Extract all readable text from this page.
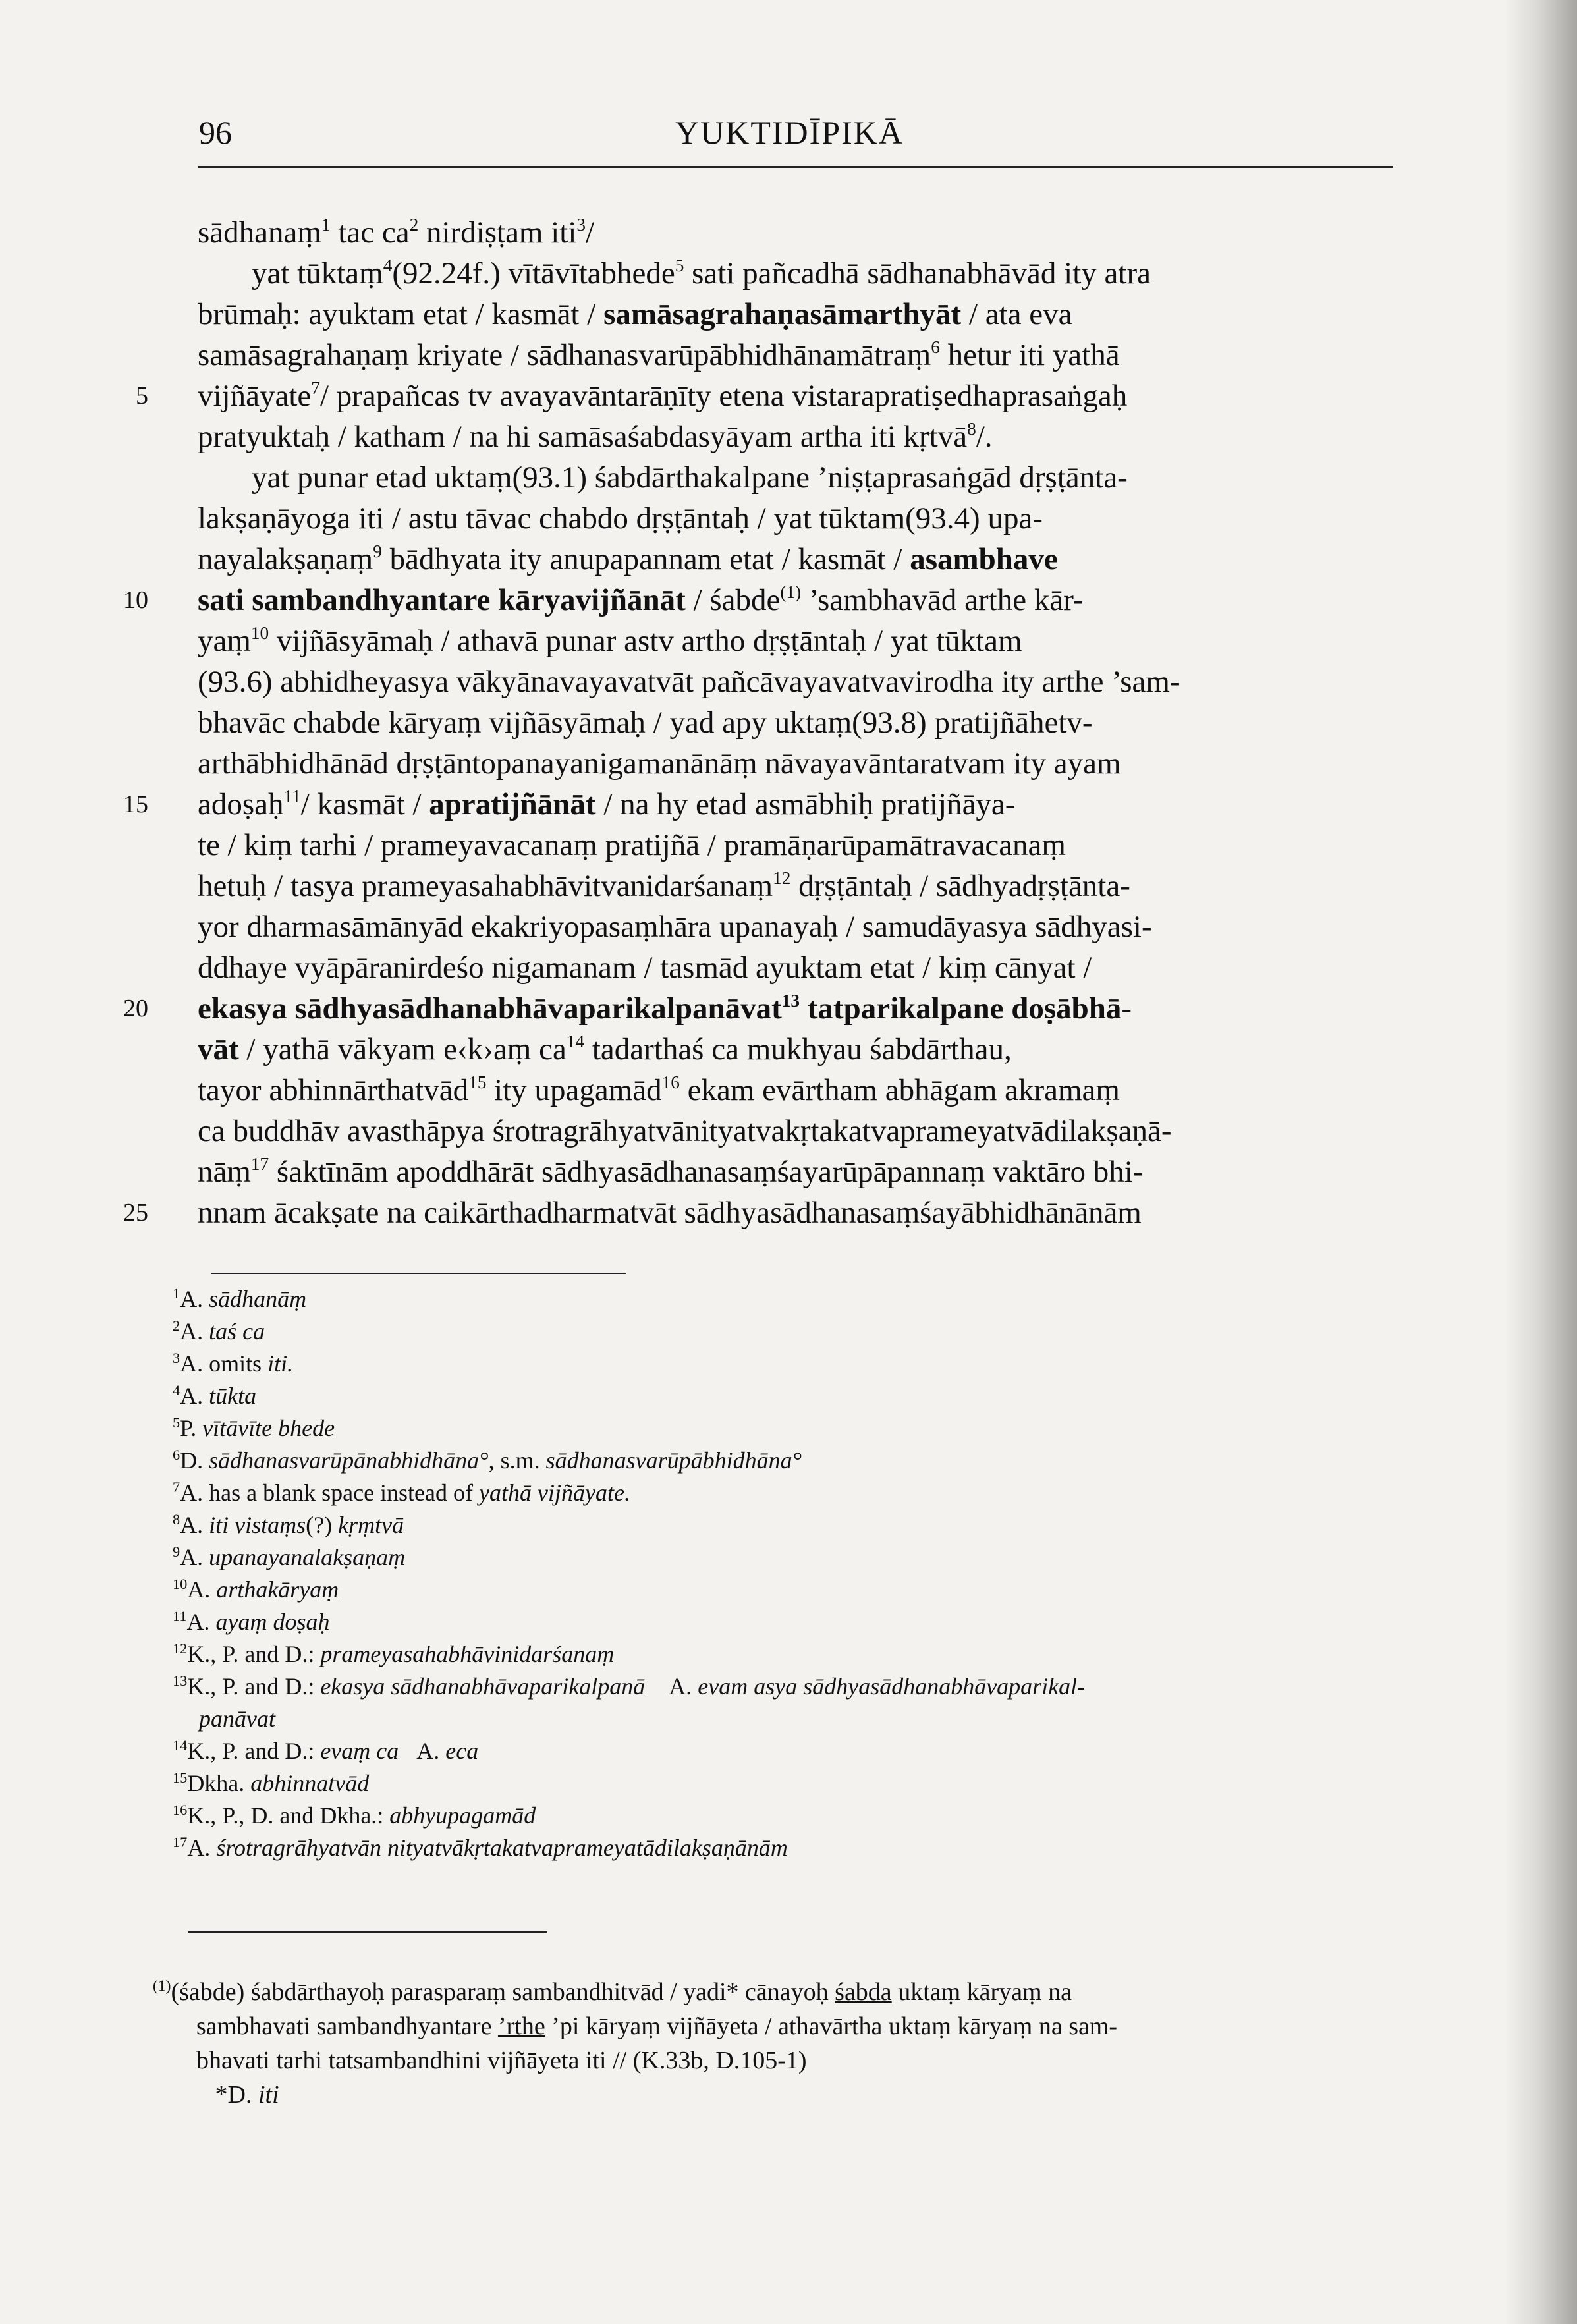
96	YUKTIDĪPIKĀ
sādhanaṃ$^1$ tac $ca^2$ nirdiṣṭam iti$^3$/
yat tūktaṃ$^4$(92.24f.) vītāvītabhede$^5$ sati pañcadhā sādhanabhāvād ity atra
brūmaḥ: ayuktam etat / kasmāt / samāsagrahaṇasāmarthyāt / ata eva
samāsagrahaṇaṃ kriyate / sādhanasvarūpābhidhānamātraṃ$^6$ hetur iti yathā
5 vijñāyate$^7$/ prapañcas tv avayavāntarāṇīty etena vistarapratiṣedhaprasaṅgaḥ
pratyuktaḥ / katham / na hi samāsaśabdasyāyam artha iti kṛtvā$^8$/.
yat punar etad uktaṃ(93.1) śabdārthakalpane ’niṣṭaprasaṅgād dṛṣṭānta-
lakṣaṇāyoga iti / astu tāvac chabdo dṛṣṭāntaḥ / yat tūktam(93.4) upa-
nayalakṣaṇaṃ$^9$ bādhyata ity anupapannam etat / kasmāt / asambhave
10 sati sambandhyantare kāryavijñānāt / śabde$^{(1)}$ ’sambhavād arthe kār-
yaṃ$^{10}$ vijñāsyāmaḥ / athavā punar astv artho dṛṣṭāntaḥ / yat tūktam
(93.6) abhidheyasya vākyānavayavatvāt pañcāvayavatvavirodha ity arthe ’sam-
bhavāc chabde kāryaṃ vijñāsyāmaḥ / yad apy uktaṃ(93.8) pratijñāhetv-
arthābhidhānād dṛṣṭāntopanayanigamanānāṃ nāvayavāntaratvam ity ayam
15 adoṣaḥ$^{11}$/ kasmāt / apratijñānāt / na hy etad asmābhiḥ pratijñāya-
te / kiṃ tarhi / prameyavacanaṃ pratijñā / pramāṇarūpamātravacanaṃ
hetuḥ / tasya prameyasahabhāvitvanidarśanaṃ$^{12}$ dṛṣṭāntaḥ / sādhyadṛṣṭānta-
yor dharmasāmānyād ekakriyopasaṃhāra upanayaḥ / samudāyasya sādhyasi-
ddhaye vyāpāranirdeśo nigamanam / tasmād ayuktam etat / kiṃ cānyat /
20 ekasya sādhyasādhanabhāvaparikalpanāvat$^{13}$ tatparikalpane doṣābhā-
vāt / yathā vākyam e‹k›aṃ $ca^{14}$ tadarthaś ca mukhyau śabdārthau,
tayor abhinnārthatvād$^{15}$ ity upagamād$^{16}$ ekam evārtham abhāgam akramaṃ
ca buddhāv avasthāpya śrotragrāhyatvānityatvakṛtakatvaprameyatvādilakṣaṇā-
nāṃ$^{17}$ śaktīnām apoddhārāt sādhyasādhanasaṃśayarūpāpannaṃ vaktāro bhi-
25 nnam ācakṣate na caikārthadharmatvāt sādhyasādhanasaṃśayābhidhānānām
$^1$A. sādhanāṃ
$^2$A. taś ca
$^3$A. omits iti.
$^4$A. tūkta
$^5$P. vītāvīte bhede
$^6$D. sādhanasvarūpānabhidhāna°, s.m. sādhanasvarūpābhidhāna°
$^7$A. has a blank space instead of yathā vijñāyate.
$^8$A. iti vistaṃs(?) kṛṃtvā
$^9$A. upanayanalakṣaṇaṃ
$^{10}$A. arthakāryaṃ
$^{11}$A. ayaṃ doṣaḥ
$^{12}$K., P. and D.: prameyasahabhāvinidarśanaṃ
$^{13}$K., P. and D.: ekasya sādhanabhāvaparikalpanā    A. evam asya sādhyasādhanabhāvaparikal-
panāvat
$^{14}$K., P. and D.: evaṃ ca   A. eca
$^{15}$Dkha. abhinnatvād
$^{16}$K., P., D. and Dkha.: abhyupagamād
$^{17}$A. śrotragrāhyatvān nityatvākṛtakatvaprameyatādilakṣaṇānām
$^{(1)}$(śabde) śabdārthayoḥ parasparaṃ sambandhitvād / yadi* cānayoḥ śabda uktaṃ kāryaṃ na
sambhavati sambandhyantare ’rthe ’pi kāryaṃ vijñāyeta / athavārtha uktaṃ kāryaṃ na sam-
bhavati tarhi tatsambandhini vijñāyeta iti // (K.33b, D.105-1)
*D. iti
